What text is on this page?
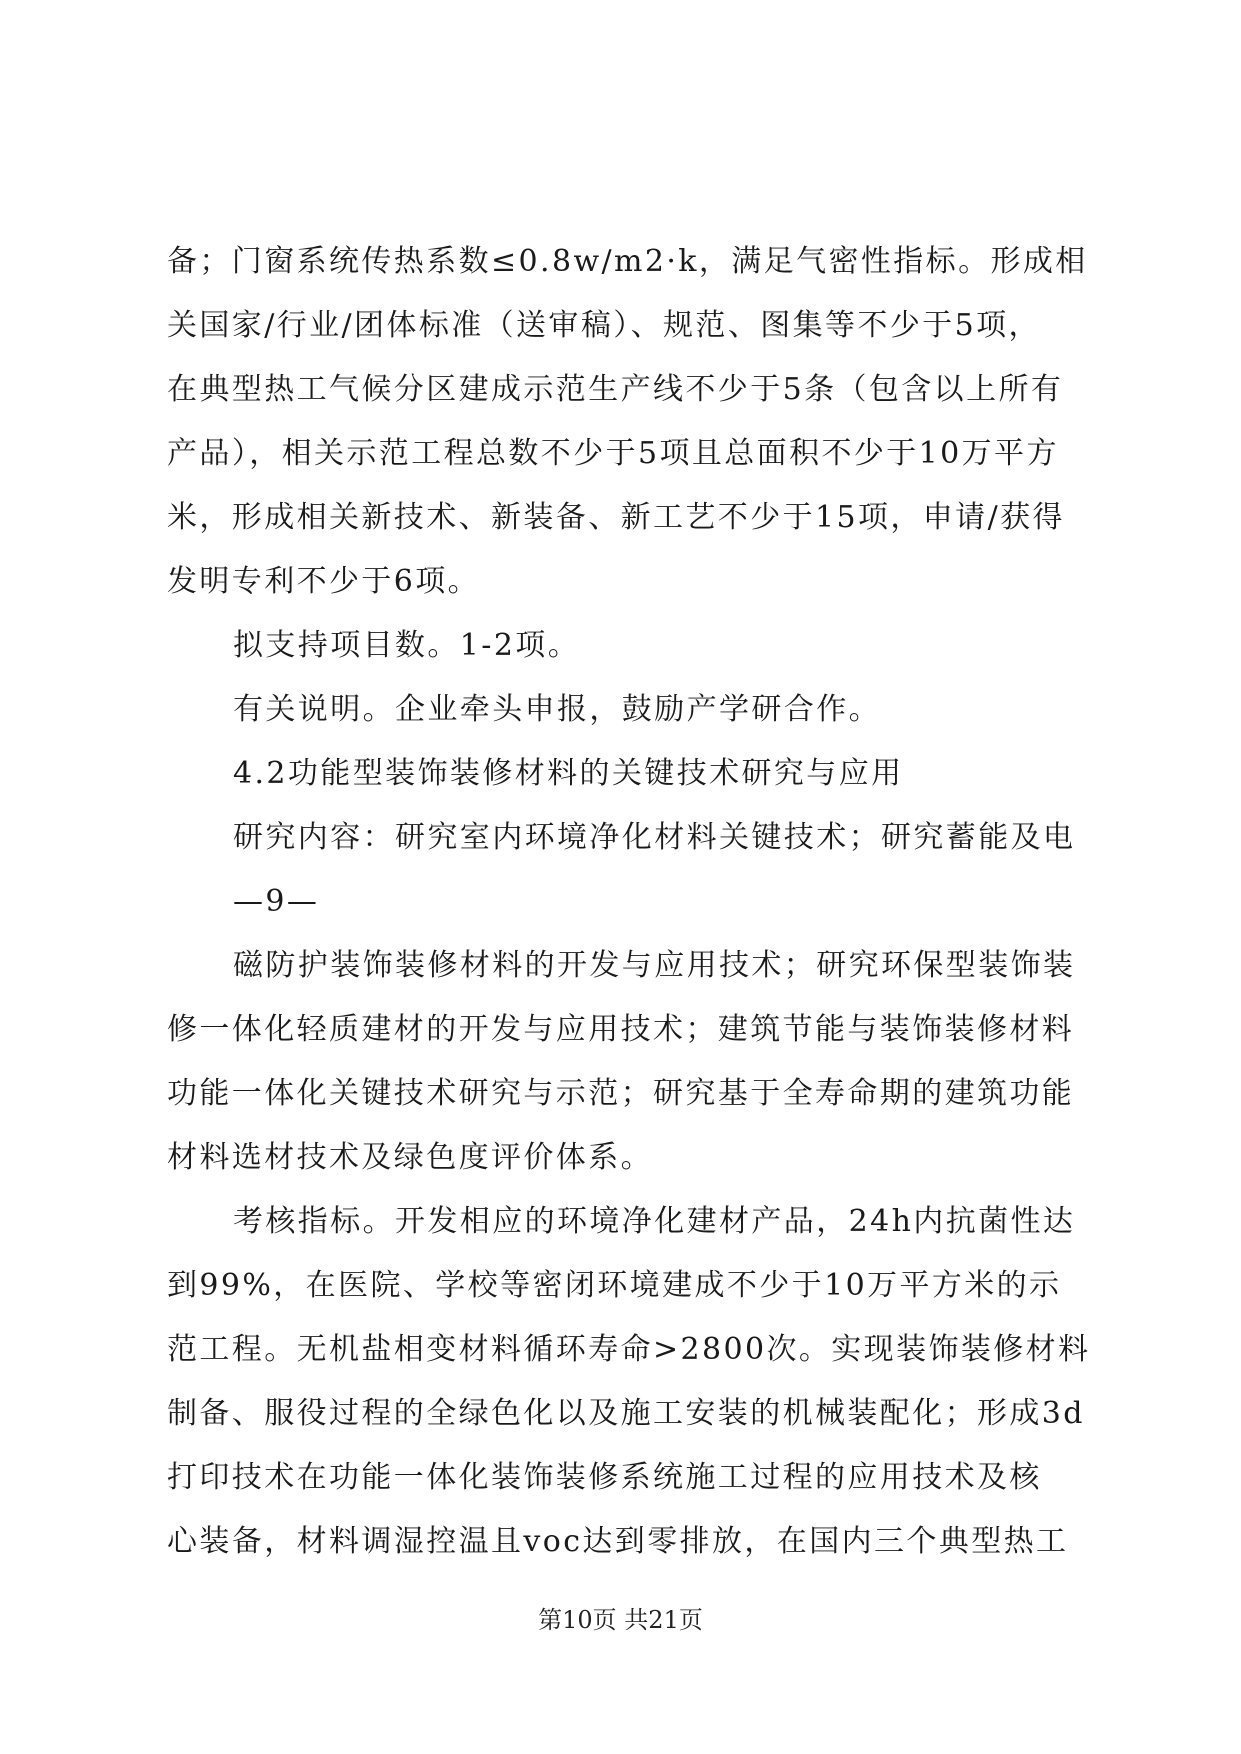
备；门窗系统传热系数≤0.8w/m2·k，满足气密性指标。形成相
关国家/行业/团体标准（送审稿）、规范、图集等不少于5项，
在典型热工气候分区建成示范生产线不少于5条（包含以上所有
产品），相关示范工程总数不少于5项且总面积不少于10万平方
米，形成相关新技术、新装备、新工艺不少于15项，申请/获得
发明专利不少于6项。
拟支持项目数。1-2项。
有关说明。企业牵头申报，鼓励产学研合作。
4.2功能型装饰装修材料的关键技术研究与应用
研究内容：研究室内环境净化材料关键技术；研究蓄能及电
—9—
磁防护装饰装修材料的开发与应用技术；研究环保型装饰装
修一体化轻质建材的开发与应用技术；建筑节能与装饰装修材料
功能一体化关键技术研究与示范；研究基于全寿命期的建筑功能
材料选材技术及绿色度评价体系。
考核指标。开发相应的环境净化建材产品，24h内抗菌性达
到99%，在医院、学校等密闭环境建成不少于10万平方米的示
范工程。无机盐相变材料循环寿命>2800次。实现装饰装修材料
制备、服役过程的全绿色化以及施工安装的机械装配化；形成3d
打印技术在功能一体化装饰装修系统施工过程的应用技术及核
心装备，材料调湿控温且voc达到零排放，在国内三个典型热工
第10页 共21页
